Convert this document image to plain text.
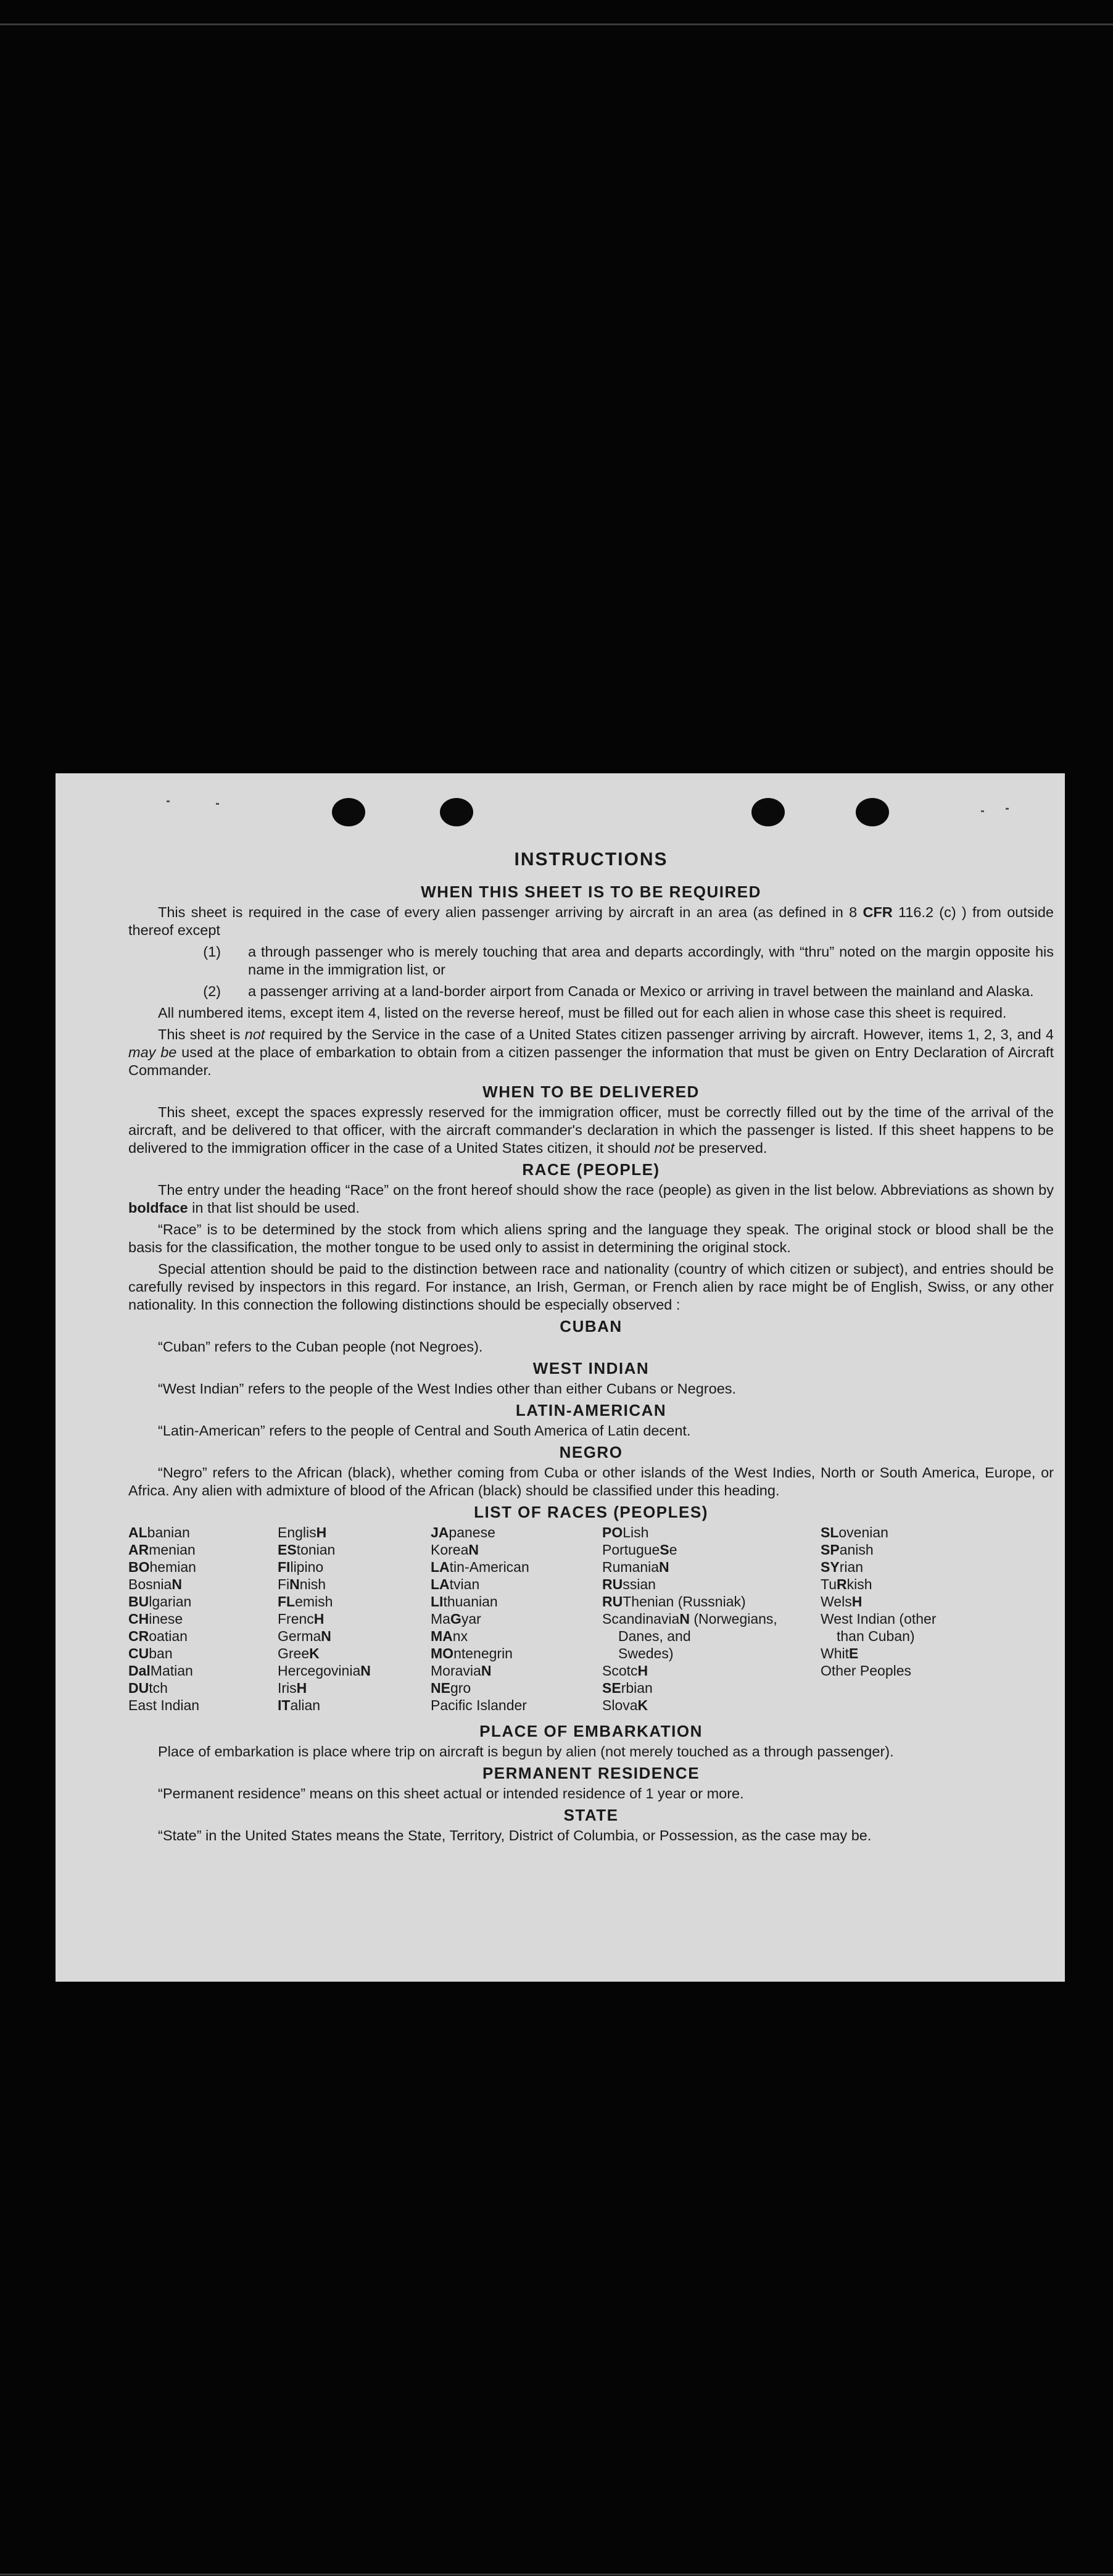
INSTRUCTIONS
WHEN THIS SHEET IS TO BE REQUIRED

This sheet is required in the case of every alien passenger arriving by aircraft in an area (as defined in 8 CFR 116.2 (c) ) from outside thereof except

(1)	a through passenger who is merely touching that area and departs accordingly, with “thru” noted on the margin opposite his name in the immigration list, or
(2)	a passenger arriving at a land-border airport from Canada or Mexico or arriving in travel between the mainland and Alaska.

All numbered items, except item 4, listed on the reverse hereof, must be filled out for each alien in whose case this sheet is required.

This sheet is not required by the Service in the case of a United States citizen passenger arriving by aircraft. However, items 1, 2, 3, and 4 may be used at the place of embarkation to obtain from a citizen passenger the information that must be given on Entry Declaration of Aircraft Commander.

WHEN TO BE DELIVERED

This sheet, except the spaces expressly reserved for the immigration officer, must be correctly filled out by the time of the arrival of the aircraft, and be delivered to that officer, with the aircraft commander's declaration in which the passenger is listed. If this sheet happens to be delivered to the immigration officer in the case of a United States citizen, it should not be preserved.

RACE (PEOPLE)

The entry under the heading “Race” on the front hereof should show the race (people) as given in the list below. Abbreviations as shown by boldface in that list should be used.

“Race” is to be determined by the stock from which aliens spring and the language they speak. The original stock or blood shall be the basis for the classification, the mother tongue to be used only to assist in determining the original stock.

Special attention should be paid to the distinction between race and nationality (country of which citizen or subject), and entries should be carefully revised by inspectors in this regard. For instance, an Irish, German, or French alien by race might be of English, Swiss, or any other nationality. In this connection the following distinctions should be especially observed :

CUBAN

“Cuban” refers to the Cuban people (not Negroes).

WEST INDIAN

“West Indian” refers to the people of the West Indies other than either Cubans or Negroes.

LATIN-AMERICAN

“Latin-American” refers to the people of Central and South America of Latin decent.

NEGRO

“Negro” refers to the African (black), whether coming from Cuba or other islands of the West Indies, North or South America, Europe, or Africa. Any alien with admixture of blood of the African (black) should be classified under this heading.

LIST OF RACES (PEOPLES)
ALbanian
ARmenian
BOhemian
BosniaN
BUlgarian
CHinese
CRoatian
CUban
DalMatian
DUtch
East Indian
EnglisH
EStonian
FIlipino
FiNnish
FLemish
FrencH
GermaN
GreeK
HercegoviniaN
IrisH
ITalian
JApanese
KoreaN
LAtin-American
LAtvian
LIthuanian
MaGyar
MAnx
MOntenegrin
MoraviaN
NEgro
Pacific Islander
POLish
PortugueSe
RumaniaN
RUssian
RUThenian (Russniak)
ScandinaviaN (Norwegians,
Danes, and
Swedes)
ScotcH
SErbian
SlovaK
SLovenian
SPanish
SYrian
TuRkish
WelsH
West Indian (other
than Cuban)
WhitE
Other Peoples
PLACE OF EMBARKATION

Place of embarkation is place where trip on aircraft is begun by alien (not merely touched as a through passenger).

PERMANENT RESIDENCE

“Permanent residence” means on this sheet actual or intended residence of 1 year or more.

STATE

“State” in the United States means the State, Territory, District of Columbia, or Possession, as the case may be.
